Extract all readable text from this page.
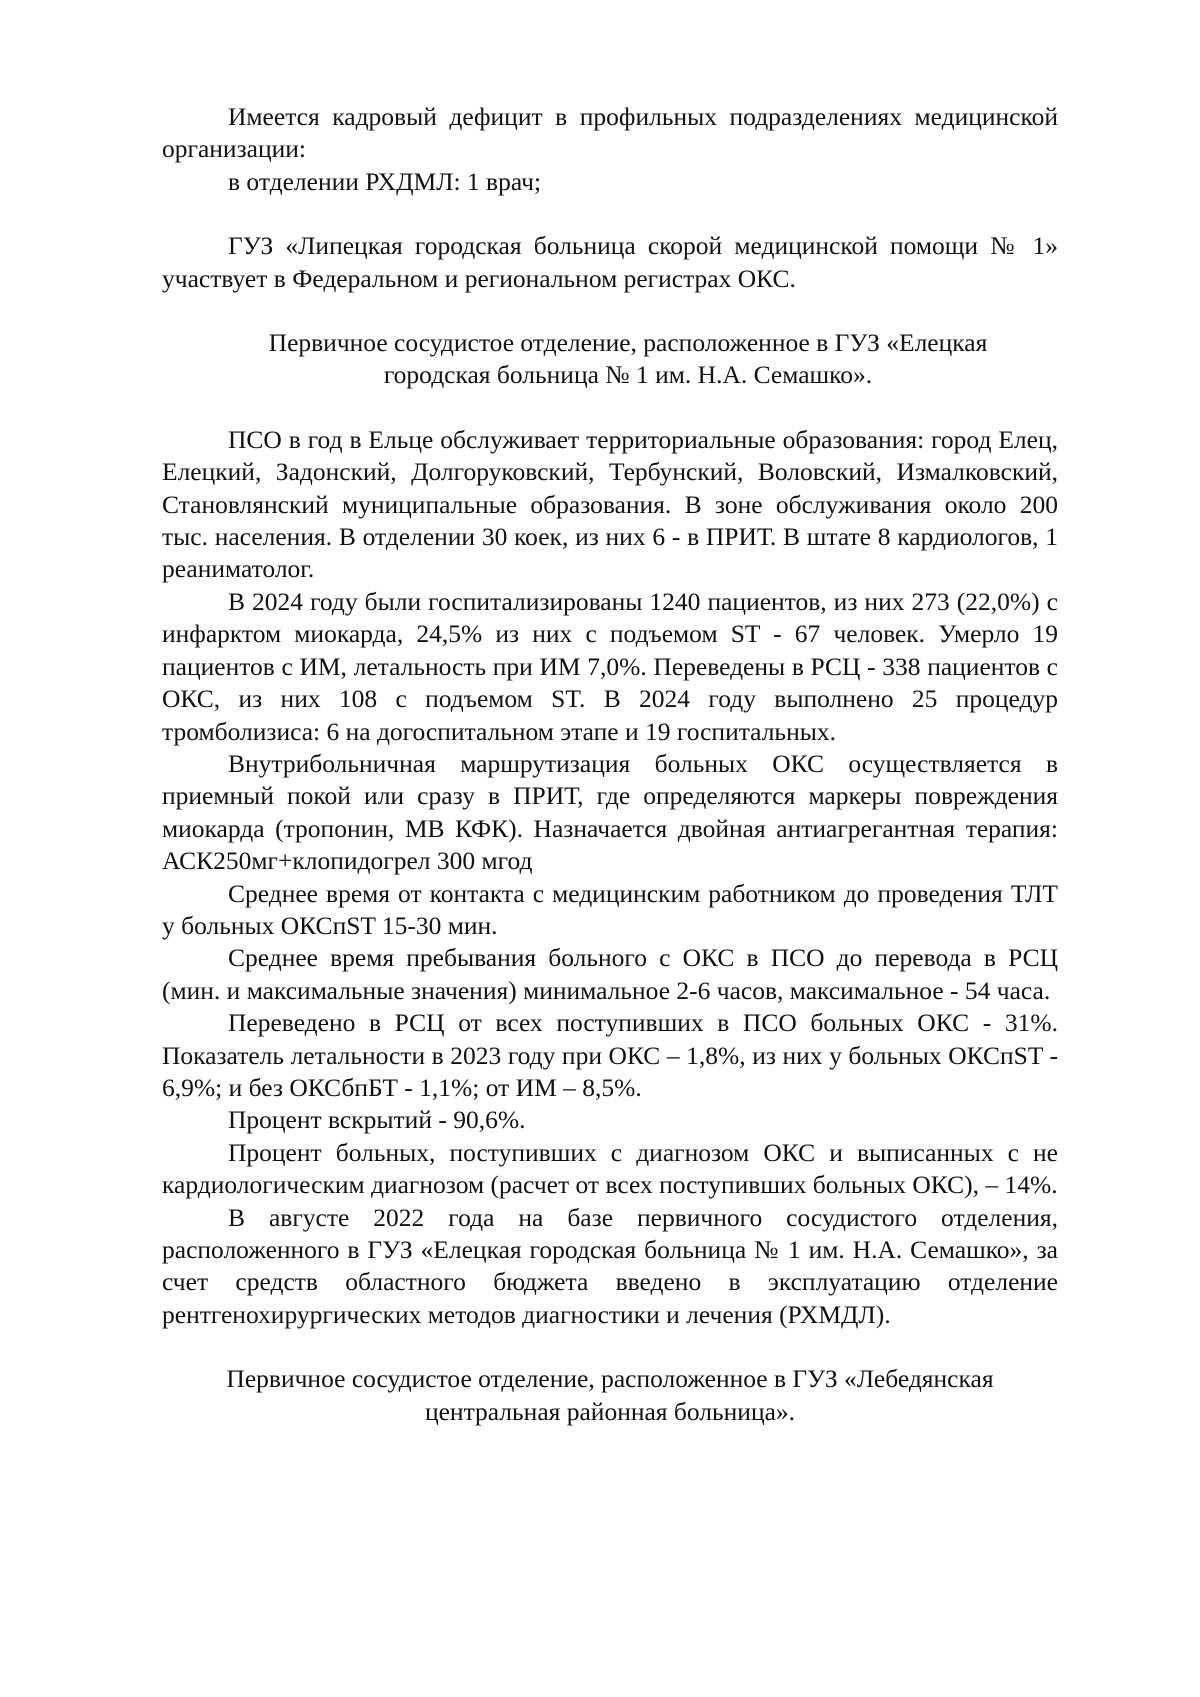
Имеется кадровый дефицит в профильных подразделениях медицинской организации:

в отделении РХДМЛ: 1 врач;

ГУЗ «Липецкая городская больница скорой медицинской помощи № 1» участвует в Федеральном и региональном регистрах ОКС.

Первичное сосудистое отделение, расположенное в ГУЗ «Елецкая
городская больница № 1 им. Н.А. Семашко».

ПСО в год в Ельце обслуживает территориальные образования: город Елец, Елецкий, Задонский, Долгоруковский, Тербунский, Воловский, Измалковский, Становлянский муниципальные образования. В зоне обслуживания около 200 тыс. населения. В отделении 30 коек, из них 6 - в ПРИТ. В штате 8 кардиологов, 1 реаниматолог.

В 2024 году были госпитализированы 1240 пациентов, из них 273 (22,0%) с инфарктом миокарда, 24,5% из них с подъемом ST - 67 человек. Умерло 19 пациентов с ИМ, летальность при ИМ 7,0%. Переведены в РСЦ - 338 пациентов с ОКС, из них 108 с подъемом ST. В 2024 году выполнено 25 процедур тромболизиса: 6 на догоспитальном этапе и 19 госпитальных.

Внутрибольничная маршрутизация больных ОКС осуществляется в приемный покой или сразу в ПРИТ, где определяются маркеры повреждения миокарда (тропонин, МВ КФК). Назначается двойная антиагрегантная терапия: АСК250мг+клопидогрел 300 мгод

Среднее время от контакта с медицинским работником до проведения ТЛТ у больных ОКСпST 15-30 мин.

Среднее время пребывания больного с ОКС в ПСО до перевода в РСЦ (мин. и максимальные значения) минимальное 2-6 часов, максимальное - 54 часа.

Переведено в РСЦ от всех поступивших в ПСО больных ОКС - 31%. Показатель летальности в 2023 году при ОКС – 1,8%, из них у больных ОКСпST - 6,9%; и без ОКСбпБТ - 1,1%; от ИМ – 8,5%.

Процент вскрытий - 90,6%.

Процент больных, поступивших с диагнозом ОКС и выписанных с не кардиологическим диагнозом (расчет от всех поступивших больных ОКС), – 14%.

В августе 2022 года на базе первичного сосудистого отделения, расположенного в ГУЗ «Елецкая городская больница № 1 им. Н.А. Семашко», за счет средств областного бюджета введено в эксплуатацию отделение рентгенохирургических методов диагностики и лечения (РХМДЛ).

Первичное сосудистое отделение, расположенное в ГУЗ «Лебедянская
центральная районная больница».
